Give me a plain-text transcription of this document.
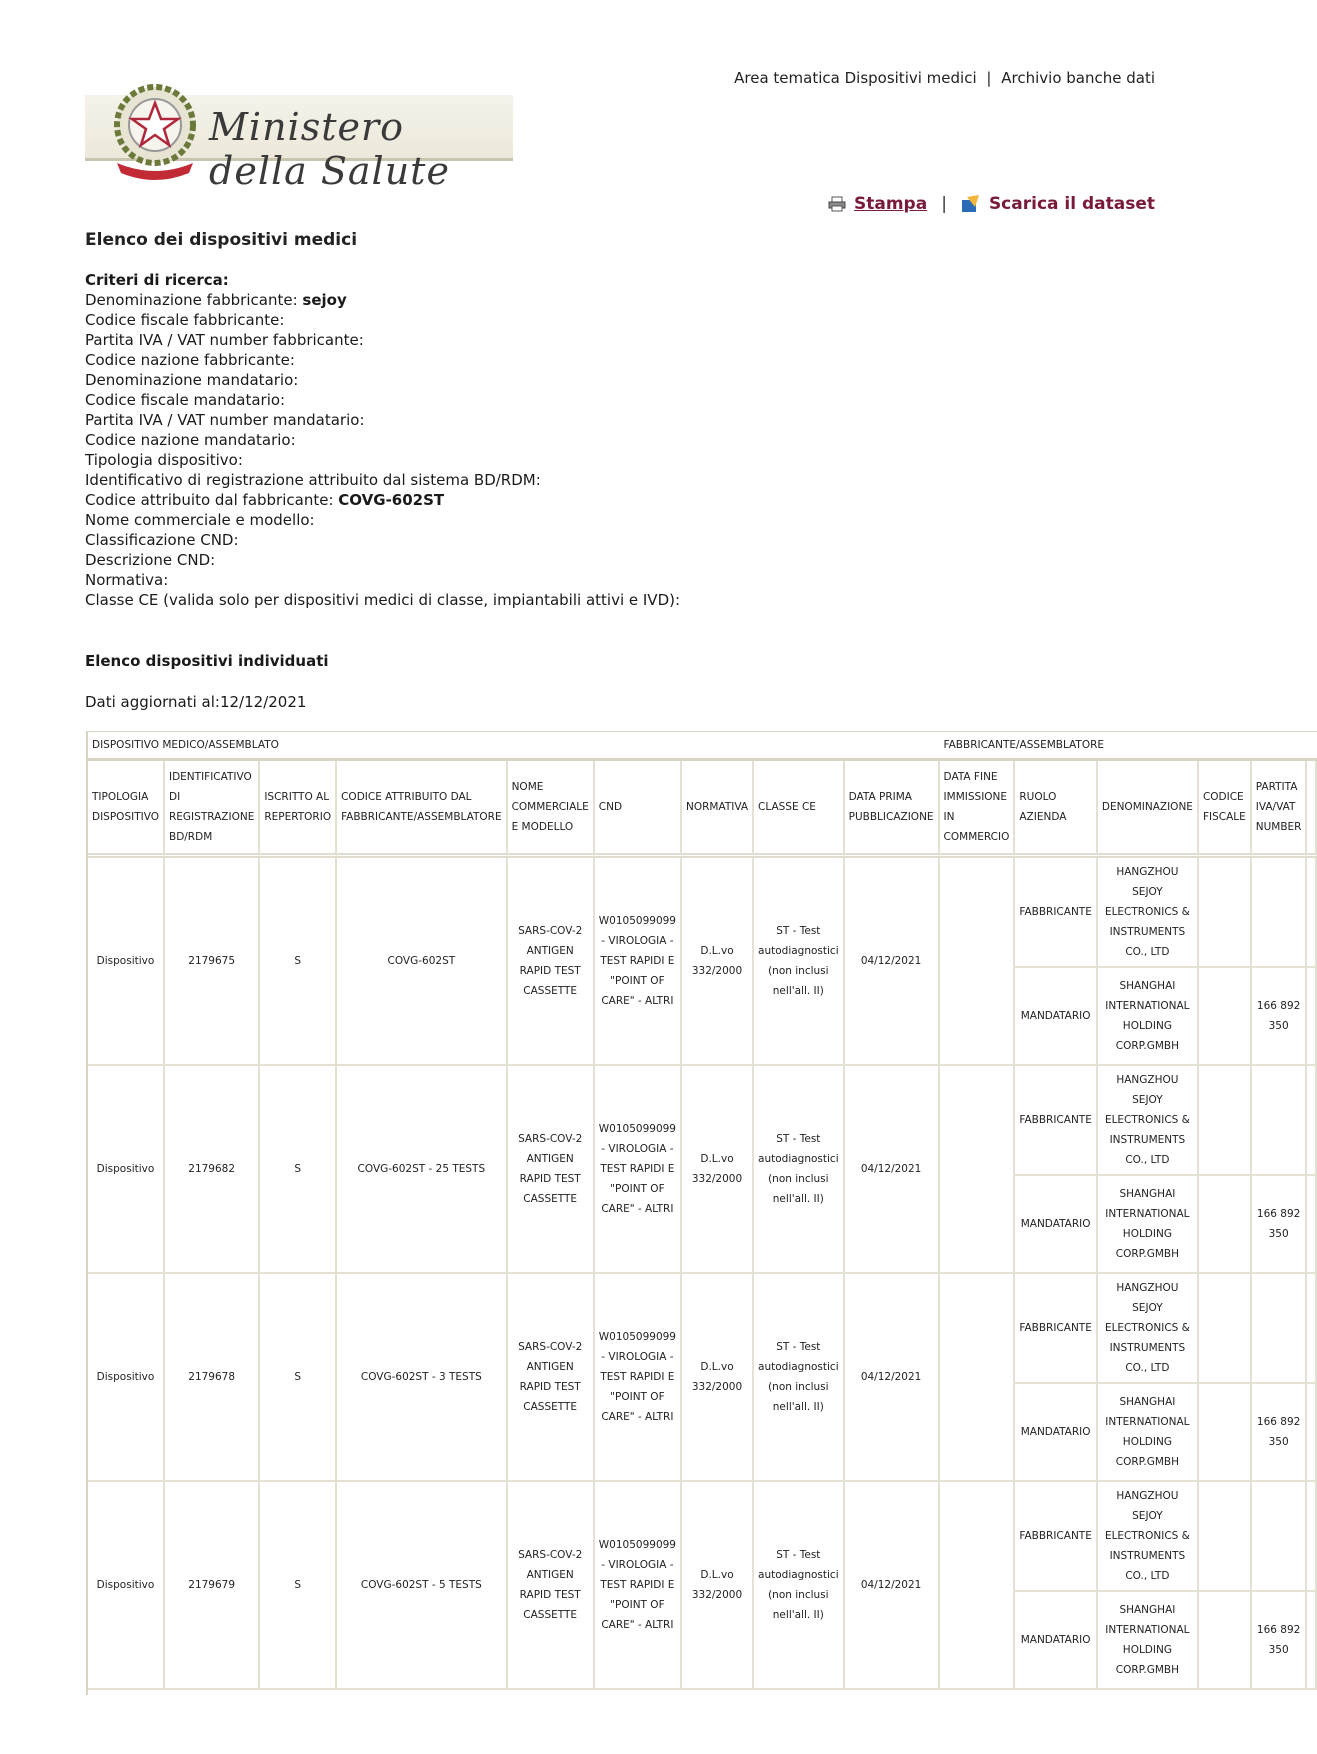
Area tematica Dispositivi medici | Archivio banche dati
Ministero della Salute
Stampa | Scarica il dataset
Elenco dei dispositivi medici
Criteri di ricerca:
Denominazione fabbricante: sejoy
Codice fiscale fabbricante:
Partita IVA / VAT number fabbricante:
Codice nazione fabbricante:
Denominazione mandatario:
Codice fiscale mandatario:
Partita IVA / VAT number mandatario:
Codice nazione mandatario:
Tipologia dispositivo:
Identificativo di registrazione attribuito dal sistema BD/RDM:
Codice attribuito dal fabbricante: COVG-602ST
Nome commerciale e modello:
Classificazione CND:
Descrizione CND:
Normativa:
Classe CE (valida solo per dispositivi medici di classe, impiantabili attivi e IVD):
Elenco dispositivi individuati
Dati aggiornati al:12/12/2021
DISPOSITIVO MEDICO/ASSEMBLATO									FABBRICANTE/ASSEMBLATORE					
TIPOLOGIA DISPOSITIVO	IDENTIFICATIVO DI REGISTRAZIONE BD/RDM	ISCRITTO AL REPERTORIO	CODICE ATTRIBUITO DAL FABBRICANTE/ASSEMBLATORE	NOME COMMERCIALE E MODELLO	CND	NORMATIVA	CLASSE CE	DATA PRIMA PUBBLICAZIONE	DATA FINE IMMISSIONE IN COMMERCIO	RUOLO AZIENDA	DENOMINAZIONE	CODICE FISCALE	PARTITA IVA/VAT NUMBER	
Dispositivo	2179675	S	COVG-602ST	SARS-COV-2 ANTIGEN RAPID TEST CASSETTE	W0105099099 - VIROLOGIA - TEST RAPIDI E "POINT OF CARE" - ALTRI	D.L.vo 332/2000	ST - Test autodiagnostici (non inclusi nell'all. II)	04/12/2021		FABBRICANTE	HANGZHOU SEJOY ELECTRONICS & INSTRUMENTS CO., LTD			
										MANDATARIO	SHANGHAI INTERNATIONAL HOLDING CORP.GMBH		166 892 350	
Dispositivo	2179682	S	COVG-602ST - 25 TESTS	SARS-COV-2 ANTIGEN RAPID TEST CASSETTE	W0105099099 - VIROLOGIA - TEST RAPIDI E "POINT OF CARE" - ALTRI	D.L.vo 332/2000	ST - Test autodiagnostici (non inclusi nell'all. II)	04/12/2021		FABBRICANTE	HANGZHOU SEJOY ELECTRONICS & INSTRUMENTS CO., LTD			
										MANDATARIO	SHANGHAI INTERNATIONAL HOLDING CORP.GMBH		166 892 350	
Dispositivo	2179678	S	COVG-602ST - 3 TESTS	SARS-COV-2 ANTIGEN RAPID TEST CASSETTE	W0105099099 - VIROLOGIA - TEST RAPIDI E "POINT OF CARE" - ALTRI	D.L.vo 332/2000	ST - Test autodiagnostici (non inclusi nell'all. II)	04/12/2021		FABBRICANTE	HANGZHOU SEJOY ELECTRONICS & INSTRUMENTS CO., LTD			
										MANDATARIO	SHANGHAI INTERNATIONAL HOLDING CORP.GMBH		166 892 350	
Dispositivo	2179679	S	COVG-602ST - 5 TESTS	SARS-COV-2 ANTIGEN RAPID TEST CASSETTE	W0105099099 - VIROLOGIA - TEST RAPIDI E "POINT OF CARE" - ALTRI	D.L.vo 332/2000	ST - Test autodiagnostici (non inclusi nell'all. II)	04/12/2021		FABBRICANTE	HANGZHOU SEJOY ELECTRONICS & INSTRUMENTS CO., LTD			
										MANDATARIO	SHANGHAI INTERNATIONAL HOLDING CORP.GMBH		166 892 350	
